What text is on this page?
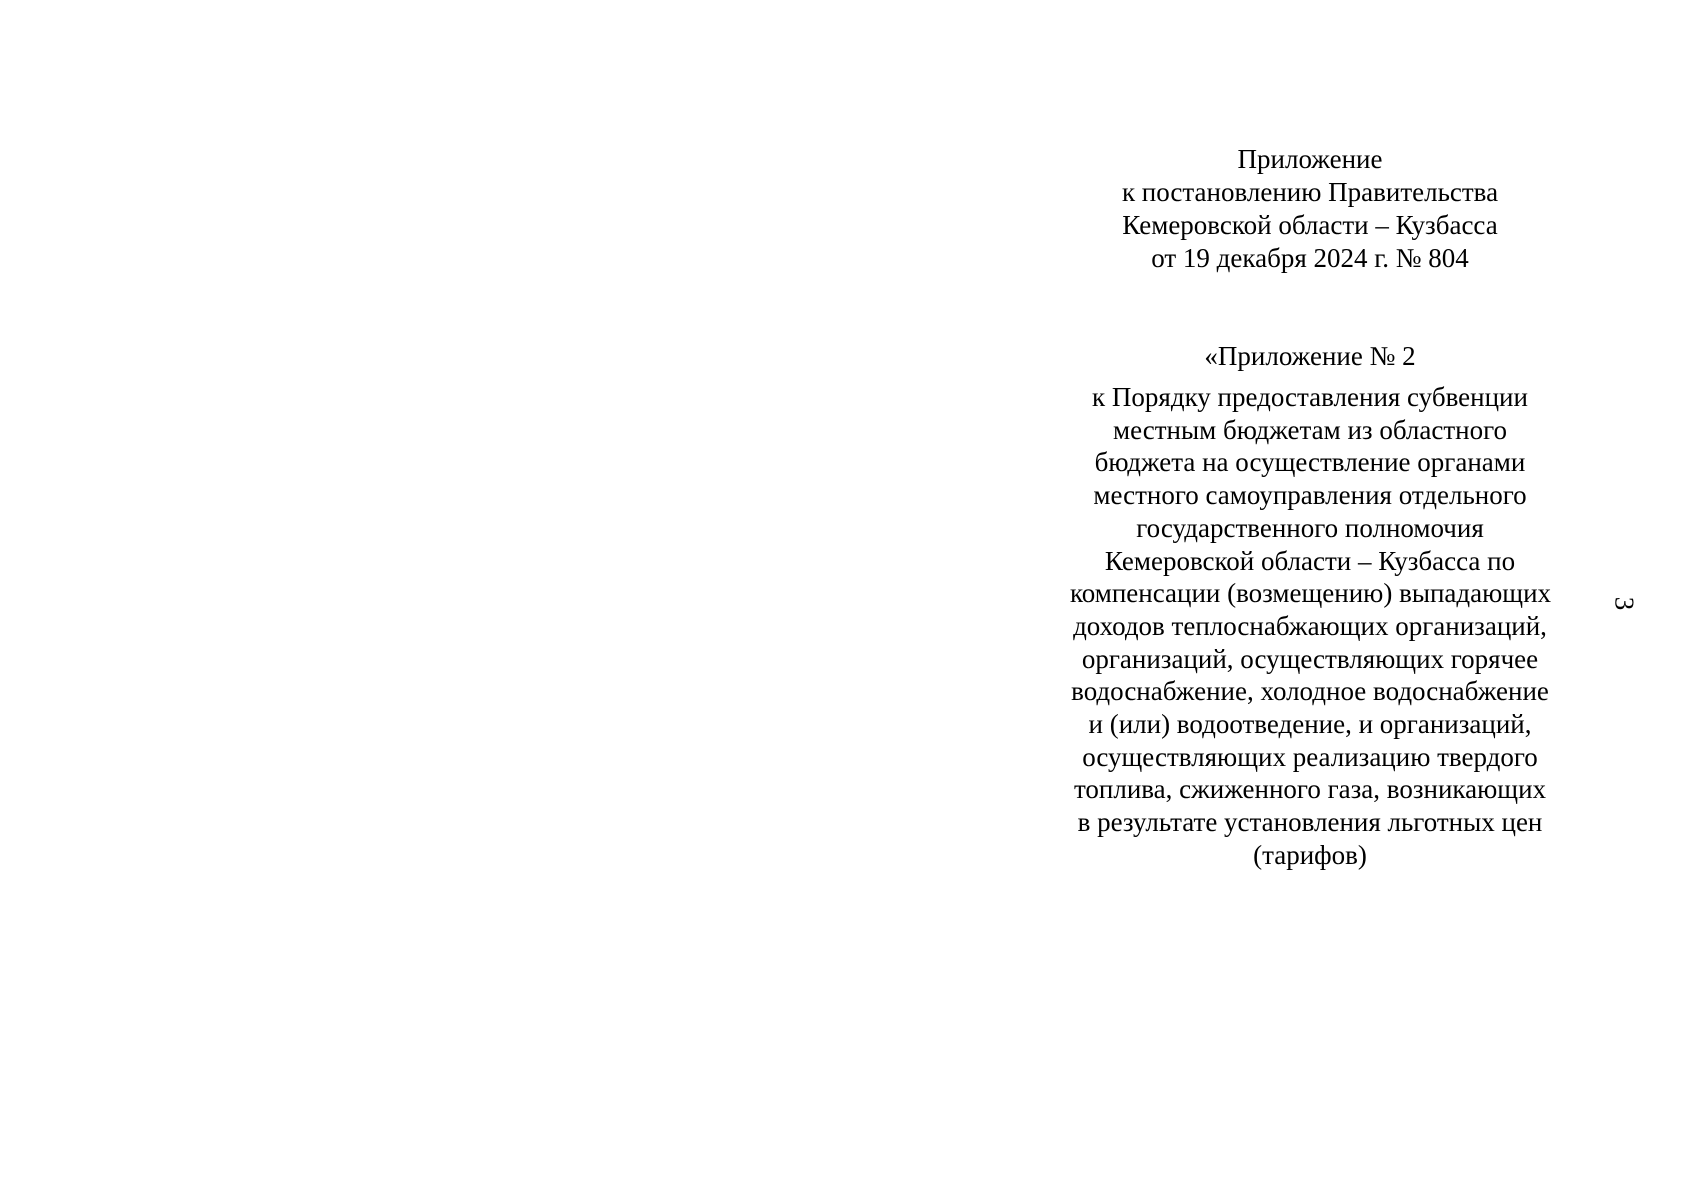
Приложение
к постановлению Правительства
Кемеровской области – Кузбасса
от 19 декабря 2024 г. № 804
«Приложение № 2
к Порядку предоставления субвенции
местным бюджетам из областного
бюджета на осуществление органами
местного самоуправления отдельного
государственного полномочия
Кемеровской области – Кузбасса по
компенсации (возмещению) выпадающих
доходов теплоснабжающих организаций,
организаций, осуществляющих горячее
водоснабжение, холодное водоснабжение
и (или) водоотведение, и организаций,
осуществляющих реализацию твердого
топлива, сжиженного газа, возникающих
в результате установления льготных цен
(тарифов)
3
